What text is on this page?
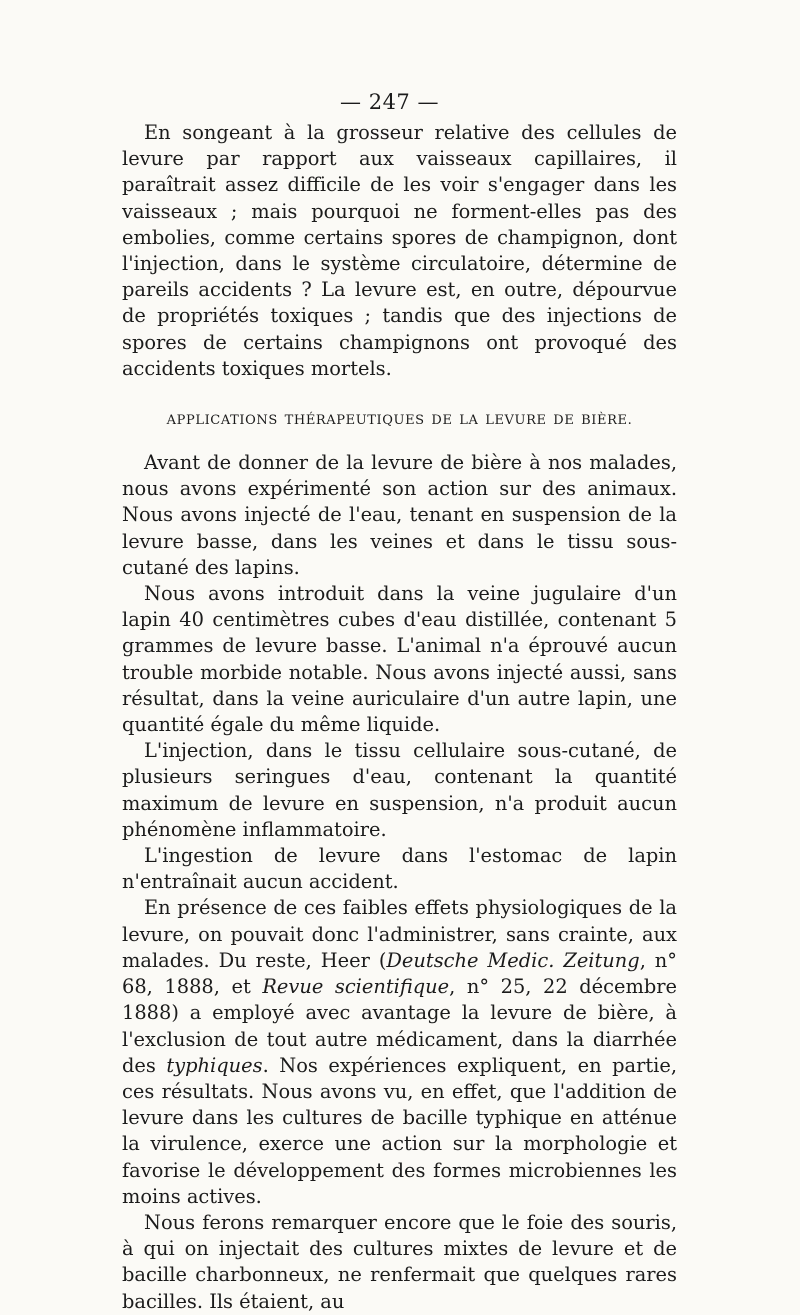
— 247 —

En songeant à la grosseur relative des cellules de levure par rapport aux vaisseaux capillaires, il paraîtrait assez difficile de les voir s'engager dans les vaisseaux ; mais pourquoi ne forment-elles pas des embolies, comme certains spores de champignon, dont l'injection, dans le système circulatoire, détermine de pareils accidents ? La levure est, en outre, dépourvue de propriétés toxiques ; tandis que des injections de spores de certains champignons ont provoqué des accidents toxiques mortels.

APPLICATIONS THÉRAPEUTIQUES DE LA LEVURE DE BIÈRE.

Avant de donner de la levure de bière à nos malades, nous avons expérimenté son action sur des animaux. Nous avons injecté de l'eau, tenant en suspension de la levure basse, dans les veines et dans le tissu sous-cutané des lapins.

Nous avons introduit dans la veine jugulaire d'un lapin 40 centimètres cubes d'eau distillée, contenant 5 grammes de levure basse. L'animal n'a éprouvé aucun trouble morbide notable. Nous avons injecté aussi, sans résultat, dans la veine auriculaire d'un autre lapin, une quantité égale du même liquide.

L'injection, dans le tissu cellulaire sous-cutané, de plusieurs seringues d'eau, contenant la quantité maximum de levure en suspension, n'a produit aucun phénomène inflammatoire.

L'ingestion de levure dans l'estomac de lapin n'entraînait aucun accident.

En présence de ces faibles effets physiologiques de la levure, on pouvait donc l'administrer, sans crainte, aux malades. Du reste, Heer (Deutsche Medic. Zeitung, n° 68, 1888, et Revue scientifique, n° 25, 22 décembre 1888) a employé avec avantage la levure de bière, à l'exclusion de tout autre médicament, dans la diarrhée des typhiques. Nos expériences expliquent, en partie, ces résultats. Nous avons vu, en effet, que l'addition de levure dans les cultures de bacille typhique en atténue la virulence, exerce une action sur la morphologie et favorise le développement des formes microbiennes les moins actives.

Nous ferons remarquer encore que le foie des souris, à qui on injectait des cultures mixtes de levure et de bacille charbonneux, ne renfermait que quelques rares bacilles. Ils étaient, au
